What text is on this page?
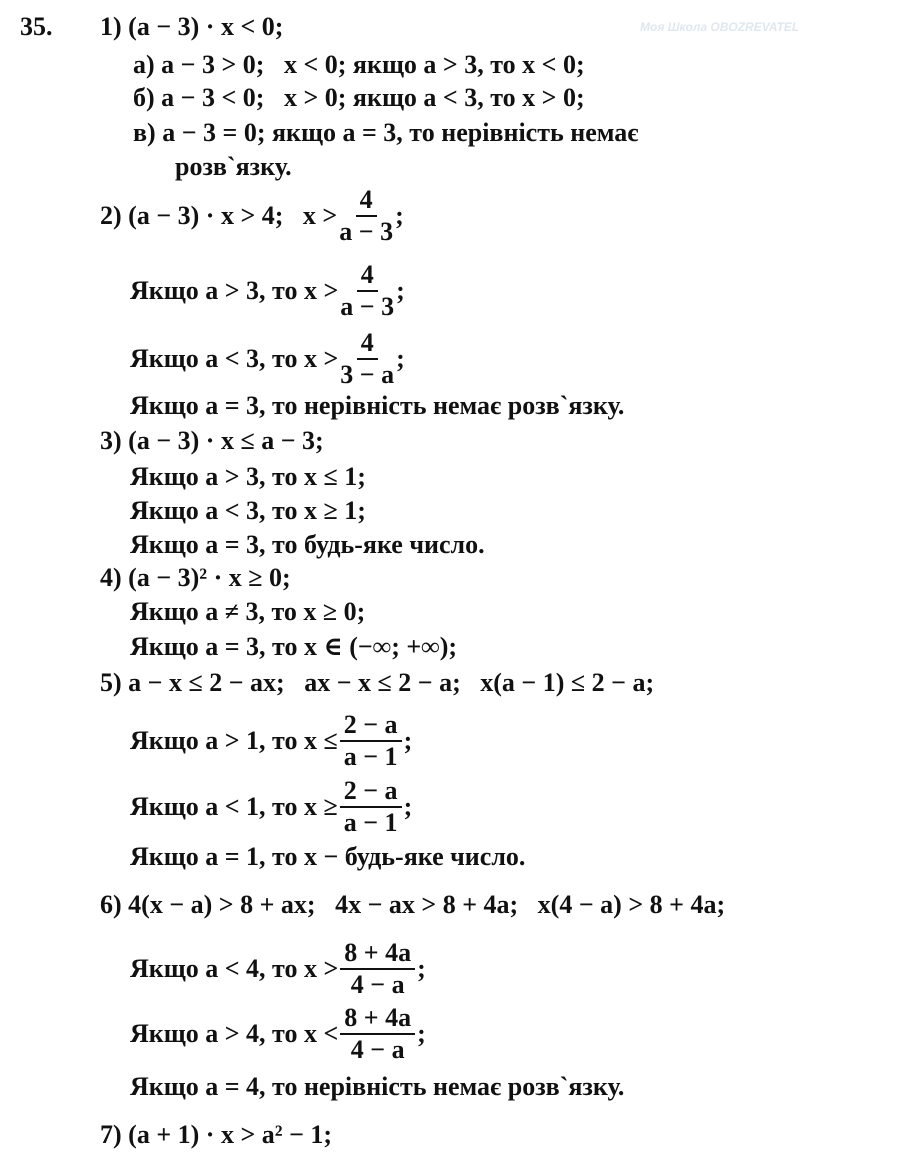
Моя Школа OBOZREVATEL
35. 1) (a − 3) · x < 0;
а) a − 3 > 0;   x < 0; якщо a > 3, то x < 0;
б) a − 3 < 0;   x > 0; якщо a < 3, то x > 0;
в) a − 3 = 0; якщо a = 3, то нерівність немає
розв`язку.
2) (a − 3) · x > 4;   $x > \frac{4}{a - 3}$ ;
Якщо a > 3, то $x > \frac{4}{a - 3}$ ;
Якщо a < 3, то $x > \frac{4}{3 - a}$ ;
Якщо a = 3, то нерівність немає розв`язку.
3) (a − 3) · x ≤ a − 3;
Якщо a > 3, то x ≤ 1;
Якщо a < 3, то x ≥ 1;
Якщо a = 3, то будь-яке число.
4) (a − 3)² · x ≥ 0;
Якщо a ≠ 3, то x ≥ 0;
Якщо a = 3, то x ∈ (−∞; +∞);
5) a − x ≤ 2 − ax;   ax − x ≤ 2 − a;   x(a − 1) ≤ 2 − a;
Якщо a > 1, то $x \le \frac{2 - a}{a - 1}$ ;
Якщо a < 1, то $x \ge \frac{2 - a}{a - 1}$ ;
Якщо a = 1, то x − будь-яке число.
6) 4(x − a) > 8 + ax;   4x − ax > 8 + 4a;   x(4 − a) > 8 + 4a;
Якщо a < 4, то $x > \frac{8 + 4a}{4 - a}$ ;
Якщо a > 4, то $x < \frac{8 + 4a}{4 - a}$ ;
Якщо a = 4, то нерівність немає розв`язку.
7) (a + 1) · x > a² − 1;
